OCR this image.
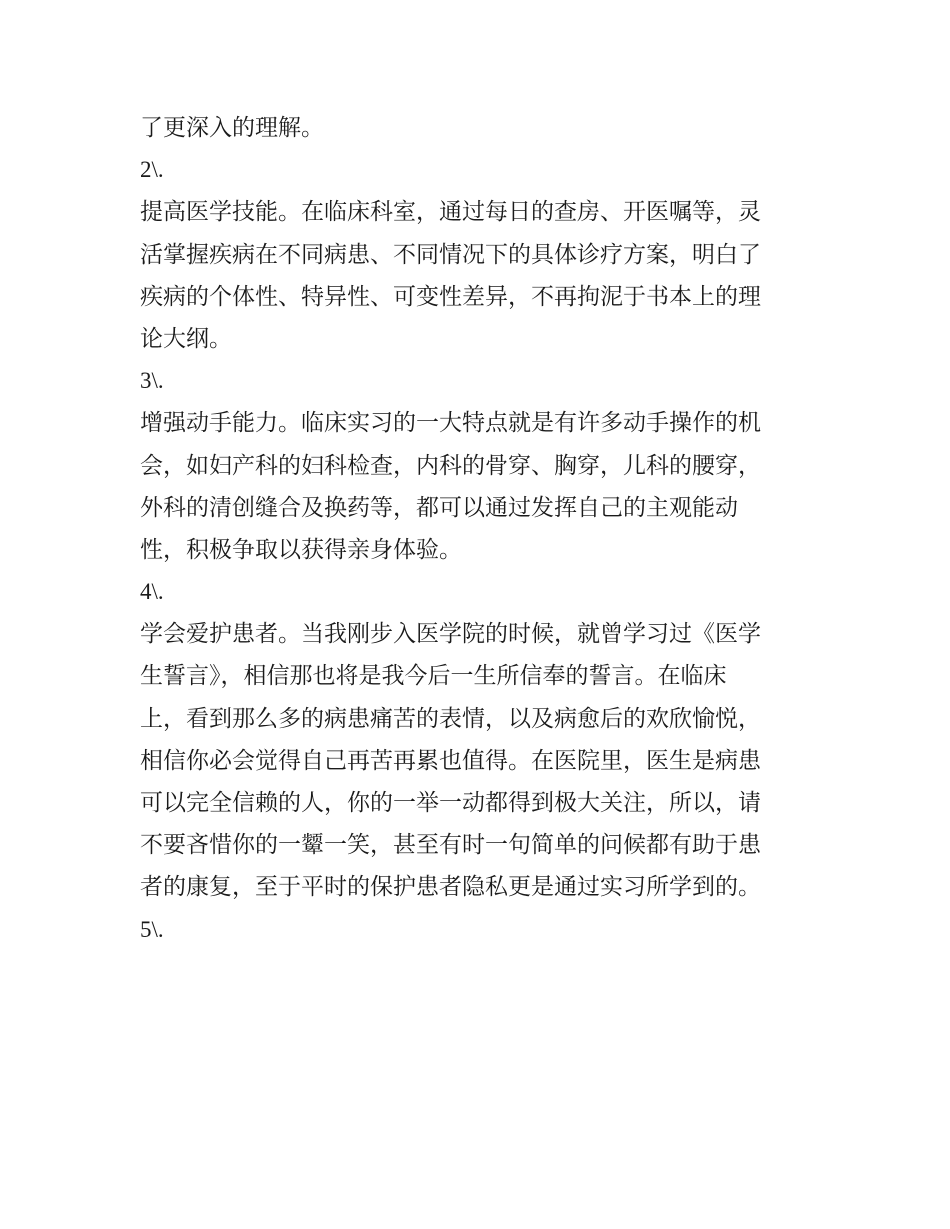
了更深入的理解。
2\.
提高医学技能。在临床科室，通过每日的查房、开医嘱等，灵
活掌握疾病在不同病患、不同情况下的具体诊疗方案，明白了
疾病的个体性、特异性、可变性差异，不再拘泥于书本上的理
论大纲。
3\.
增强动手能力。临床实习的一大特点就是有许多动手操作的机
会，如妇产科的妇科检查，内科的骨穿、胸穿，儿科的腰穿，
外科的清创缝合及换药等，都可以通过发挥自己的主观能动
性，积极争取以获得亲身体验。
4\.
学会爱护患者。当我刚步入医学院的时候，就曾学习过《医学
生誓言》，相信那也将是我今后一生所信奉的誓言。在临床
上，看到那么多的病患痛苦的表情，以及病愈后的欢欣愉悦，
相信你必会觉得自己再苦再累也值得。在医院里，医生是病患
可以完全信赖的人，你的一举一动都得到极大关注，所以，请
不要吝惜你的一颦一笑，甚至有时一句简单的问候都有助于患
者的康复，至于平时的保护患者隐私更是通过实习所学到的。
5\.
